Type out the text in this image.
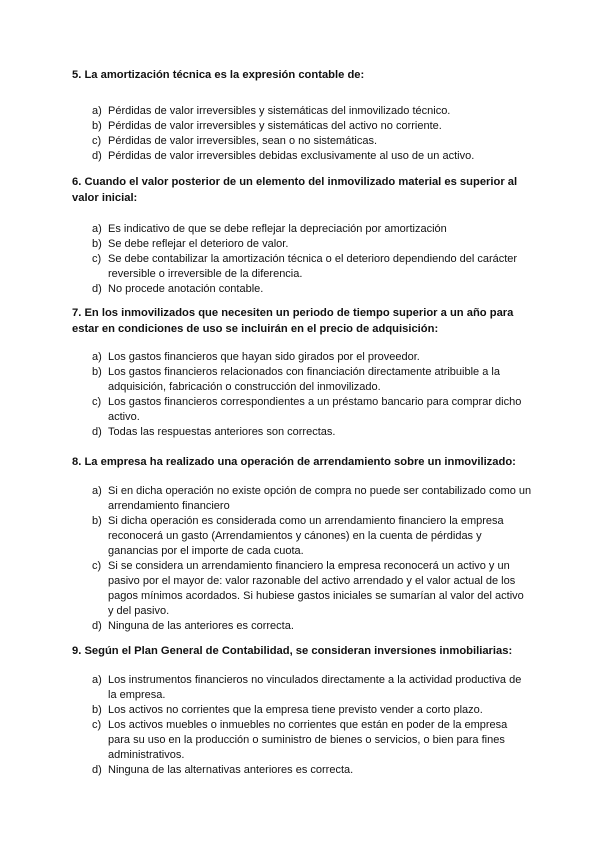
5. La amortización técnica es la expresión contable de:

a) Pérdidas de valor irreversibles y sistemáticas del inmovilizado técnico.
b) Pérdidas de valor irreversibles y sistemáticas del activo no corriente.
c) Pérdidas de valor irreversibles, sean o no sistemáticas.
d) Pérdidas de valor irreversibles debidas exclusivamente al uso de un activo.

6. Cuando el valor posterior de un elemento del inmovilizado material es superior al valor inicial:

a) Es indicativo de que se debe reflejar la depreciación por amortización
b) Se debe reflejar el deterioro de valor.
c) Se debe contabilizar la amortización técnica o el deterioro dependiendo del carácter reversible o irreversible de la diferencia.
d) No procede anotación contable.

7. En los inmovilizados que necesiten un periodo de tiempo superior a un año para estar en condiciones de uso se incluirán en el precio de adquisición:

a) Los gastos financieros que hayan sido girados por el proveedor.
b) Los gastos financieros relacionados con financiación directamente atribuible a la adquisición, fabricación o construcción del inmovilizado.
c) Los gastos financieros correspondientes a un préstamo bancario para comprar dicho activo.
d) Todas las respuestas anteriores son correctas.

8. La empresa ha realizado una operación de arrendamiento sobre un inmovilizado:

a) Si en dicha operación no existe opción de compra no puede ser contabilizado como un arrendamiento financiero
b) Si dicha operación es considerada como un arrendamiento financiero la empresa reconocerá un gasto (Arrendamientos y cánones) en la cuenta de pérdidas y ganancias por el importe de cada cuota.
c) Si se considera un arrendamiento financiero la empresa reconocerá un activo y un pasivo por el mayor de: valor razonable del activo arrendado y el valor actual de los pagos mínimos acordados. Si hubiese gastos iniciales se sumarían al valor del activo y del pasivo.
d) Ninguna de las anteriores es correcta.

9. Según el Plan General de Contabilidad, se consideran inversiones inmobiliarias:

a) Los instrumentos financieros no vinculados directamente a la actividad productiva de la empresa.
b) Los activos no corrientes que la empresa tiene previsto vender a corto plazo.
c) Los activos muebles o inmuebles no corrientes que están en poder de la empresa para su uso en la producción o suministro de bienes o servicios, o bien para fines administrativos.
d) Ninguna de las alternativas anteriores es correcta.
